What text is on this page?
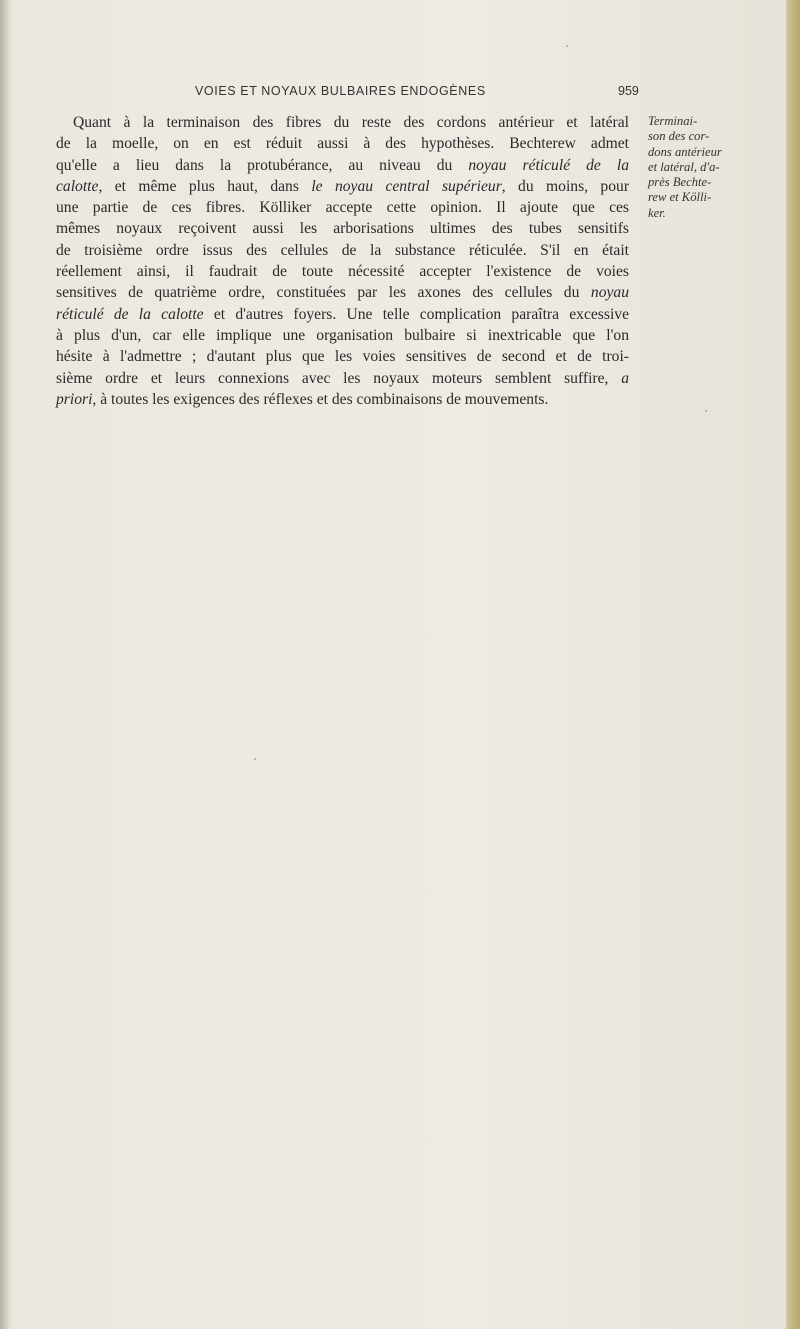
VOIES ET NOYAUX BULBAIRES ENDOGÈNES	959
Quant à la terminaison des fibres du reste des cordons antérieur et latéral
de la moelle, on en est réduit aussi à des hypothèses. Bechterew admet
qu'elle a lieu dans la protubérance, au niveau du noyau réticulé de la
calotte, et même plus haut, dans le noyau central supérieur, du moins, pour
une partie de ces fibres. Kölliker accepte cette opinion. Il ajoute que ces
mêmes noyaux reçoivent aussi les arborisations ultimes des tubes sensitifs
de troisième ordre issus des cellules de la substance réticulée. S'il en était
réellement ainsi, il faudrait de toute nécessité accepter l'existence de voies
sensitives de quatrième ordre, constituées par les axones des cellules du noyau
réticulé de la calotte et d'autres foyers. Une telle complication paraîtra excessive
à plus d'un, car elle implique une organisation bulbaire si inextricable que l'on
hésite à l'admettre ; d'autant plus que les voies sensitives de second et de troi-
sième ordre et leurs connexions avec les noyaux moteurs semblent suffire, a
priori, à toutes les exigences des réflexes et des combinaisons de mouvements.
Terminai-
son des cor-
dons antérieur
et latéral, d'a-
près Bechte-
rew et Kölli-
ker.
